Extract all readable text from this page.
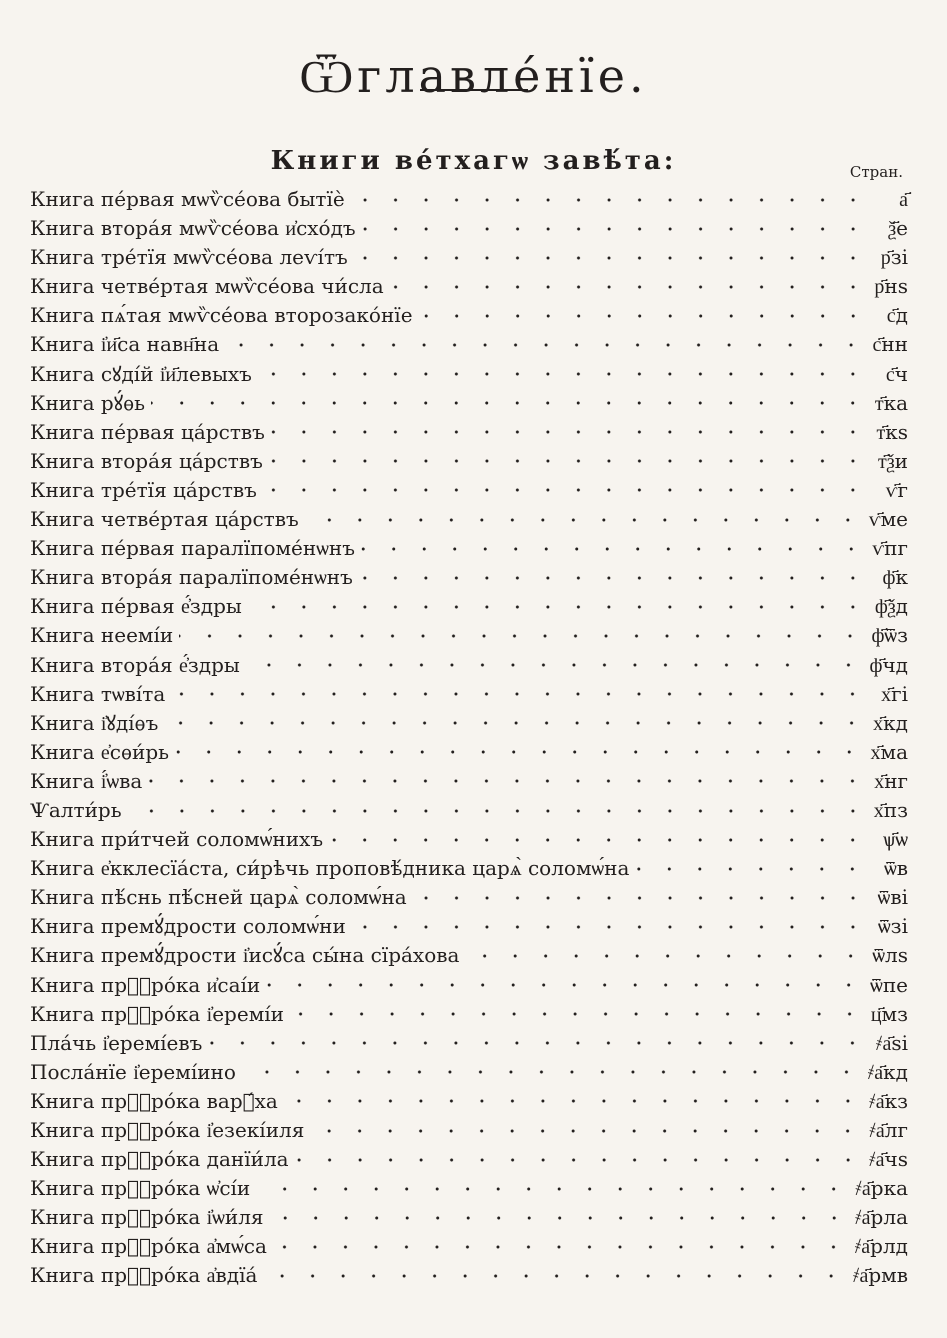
Ѿглавле́нїе.
Книги ве́тхагѡ завѣ́та:	Стран.
Книга пе́рвая мѡѷсе́ова бытїѐ	а҃
Книга втора́я мѡѷсе́ова и҆схо́дъ	ѯ҃е
Книга тре́тїя мѡѷсе́ова леѵі́тъ	р҃зі
Книга четве́ртая мѡѷсе́ова чи́сла	р҃нѕ
Книга пѧ́тая мѡѷсе́ова второзако́нїе	с҃д
Книга і҆и҃са навн҃на	с҃нн
Книга сꙋді́й і҆и҃левыхъ	с҃ч
Книга рꙋ́ѳь	т҃ка
Книга пе́рвая ца́рствъ	т҃кѕ
Книга втора́я ца́рствъ	т҃ѯи
Книга тре́тїя ца́рствъ	ѵ҃г
Книга четве́ртая ца́рствъ	ѵ҃ме
Книга пе́рвая паралїпоме́нѡнъ	ѵ҃пг
Книга втора́я паралїпоме́нѡнъ	ф҃к
Книга пе́рвая е҆́здры	ф҃ѯд
Книга неемі́и	ф҃ѿз
Книга втора́я е҆́здры	ф҃чд
Книга тѡві́та	х҃гі
Книга і҆ꙋді́ѳъ	х҃кд
Книга е҆сѳи́рь	х҃ма
Книга і҆́ѡва	х҃нг
Ѱалти́рь	х҃пз
Книга при́тчей соломѡ́нихъ	ѱ҃ѡ
Книга е҆кклесїа́ста, си́рѣчь проповѣ́дника царѧ̀ соломѡ́на	ѿв
Книга пѣ́снь пѣ́сней царѧ̀ соломѡ́на	ѿві
Книга премꙋ́дрости соломѡ́ни	ѿзі
Книга премꙋ́дрости і҆исꙋ́са сы́на сїра́хова	ѿлѕ
Книга прⷪ҇ро́ка и҆саі́и	ѿпе
Книга прⷪ҇ро́ка і҆еремі́и	ц҃мз
Пла́чь і҆еремі́евъ	҂а҃ѕі
Посла́нїе і҆еремі́ино	҂а҃кд
Книга прⷪ҇ро́ка варꙋ́ха	҂а҃кз
Книга прⷪ҇ро́ка і҆езекі́иля	҂а҃лг
Книга прⷪ҇ро́ка данїи́ла	҂а҃чѕ
Книга прⷪ҇ро́ка ѡ҆сі́и	҂а҃рка
Книга прⷪ҇ро́ка і҆ѡи́ля	҂а҃рла
Книга прⷪ҇ро́ка а҆мѡ́са	҂а҃рлд
Книга прⷪ҇ро́ка а҆вдїа́	҂а҃рмв
